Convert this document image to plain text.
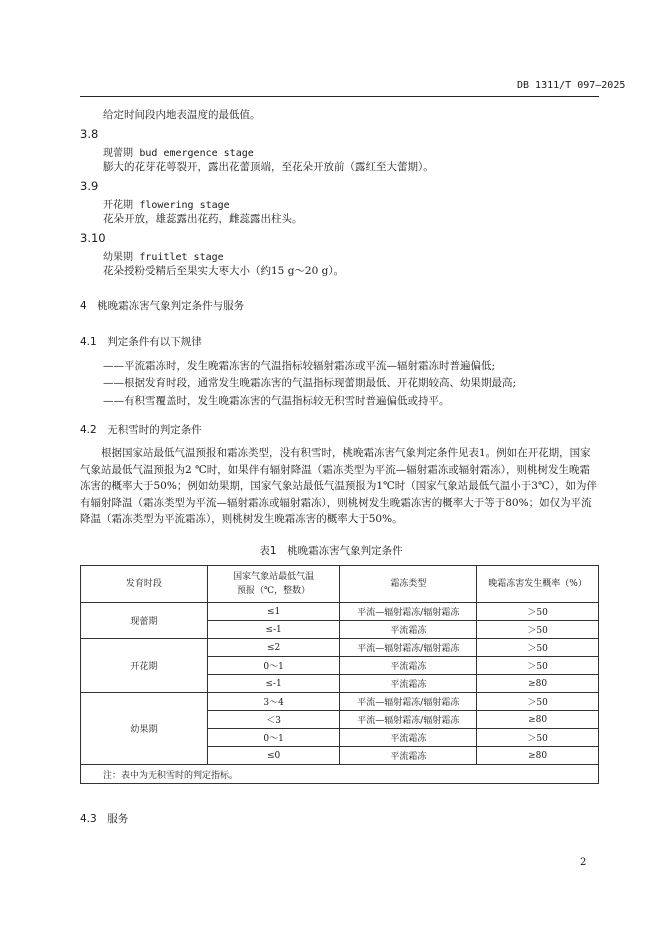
DB 1311/T 097—2025
给定时间段内地表温度的最低值。
3.8
现蕾期 bud emergence stage
膨大的花芽花萼裂开，露出花蕾顶端，至花朵开放前（露红至大蕾期）。
3.9
开花期 flowering stage
花朵开放，雄蕊露出花药，雌蕊露出柱头。
3.10
幼果期 fruitlet stage
花朵授粉受精后至果实大枣大小（约15 g～20 g）。
4　桃晚霜冻害气象判定条件与服务
4.1　判定条件有以下规律
——平流霜冻时，发生晚霜冻害的气温指标较辐射霜冻或平流—辐射霜冻时普遍偏低;
——根据发育时段，通常发生晚霜冻害的气温指标现蕾期最低、开花期较高、幼果期最高;
——有积雪覆盖时，发生晚霜冻害的气温指标较无积雪时普遍偏低或持平。
4.2　无积雪时的判定条件
根据国家站最低气温预报和霜冻类型，没有积雪时，桃晚霜冻害气象判定条件见表1。例如在开花期，国家气象站最低气温预报为2 ℃时，如果伴有辐射降温（霜冻类型为平流—辐射霜冻或辐射霜冻），则桃树发生晚霜冻害的概率大于50%；例如幼果期，国家气象站最低气温预报为1℃时（国家气象站最低气温小于3℃），如为伴有辐射降温（霜冻类型为平流—辐射霜冻或辐射霜冻），则桃树发生晚霜冻害的概率大于等于80%；如仅为平流降温（霜冻类型为平流霜冻），则桃树发生晚霜冻害的概率大于50%。
表1　桃晚霜冻害气象判定条件
发育时段	国家气象站最低气温
预报（℃，整数）	霜冻类型	晚霜冻害发生概率（%）
现蕾期	≤1	平流—辐射霜冻/辐射霜冻	＞50
	≤-1	平流霜冻	＞50
开花期	≤2	平流—辐射霜冻/辐射霜冻	＞50
	0～1	平流霜冻	＞50
	≤-1	平流霜冻	≥80
幼果期	3～4	平流—辐射霜冻/辐射霜冻	＞50
	＜3	平流—辐射霜冻/辐射霜冻	≥80
	0～1	平流霜冻	＞50
	≤0	平流霜冻	≥80
注：表中为无积雪时的判定指标。			
4.3　服务
2
